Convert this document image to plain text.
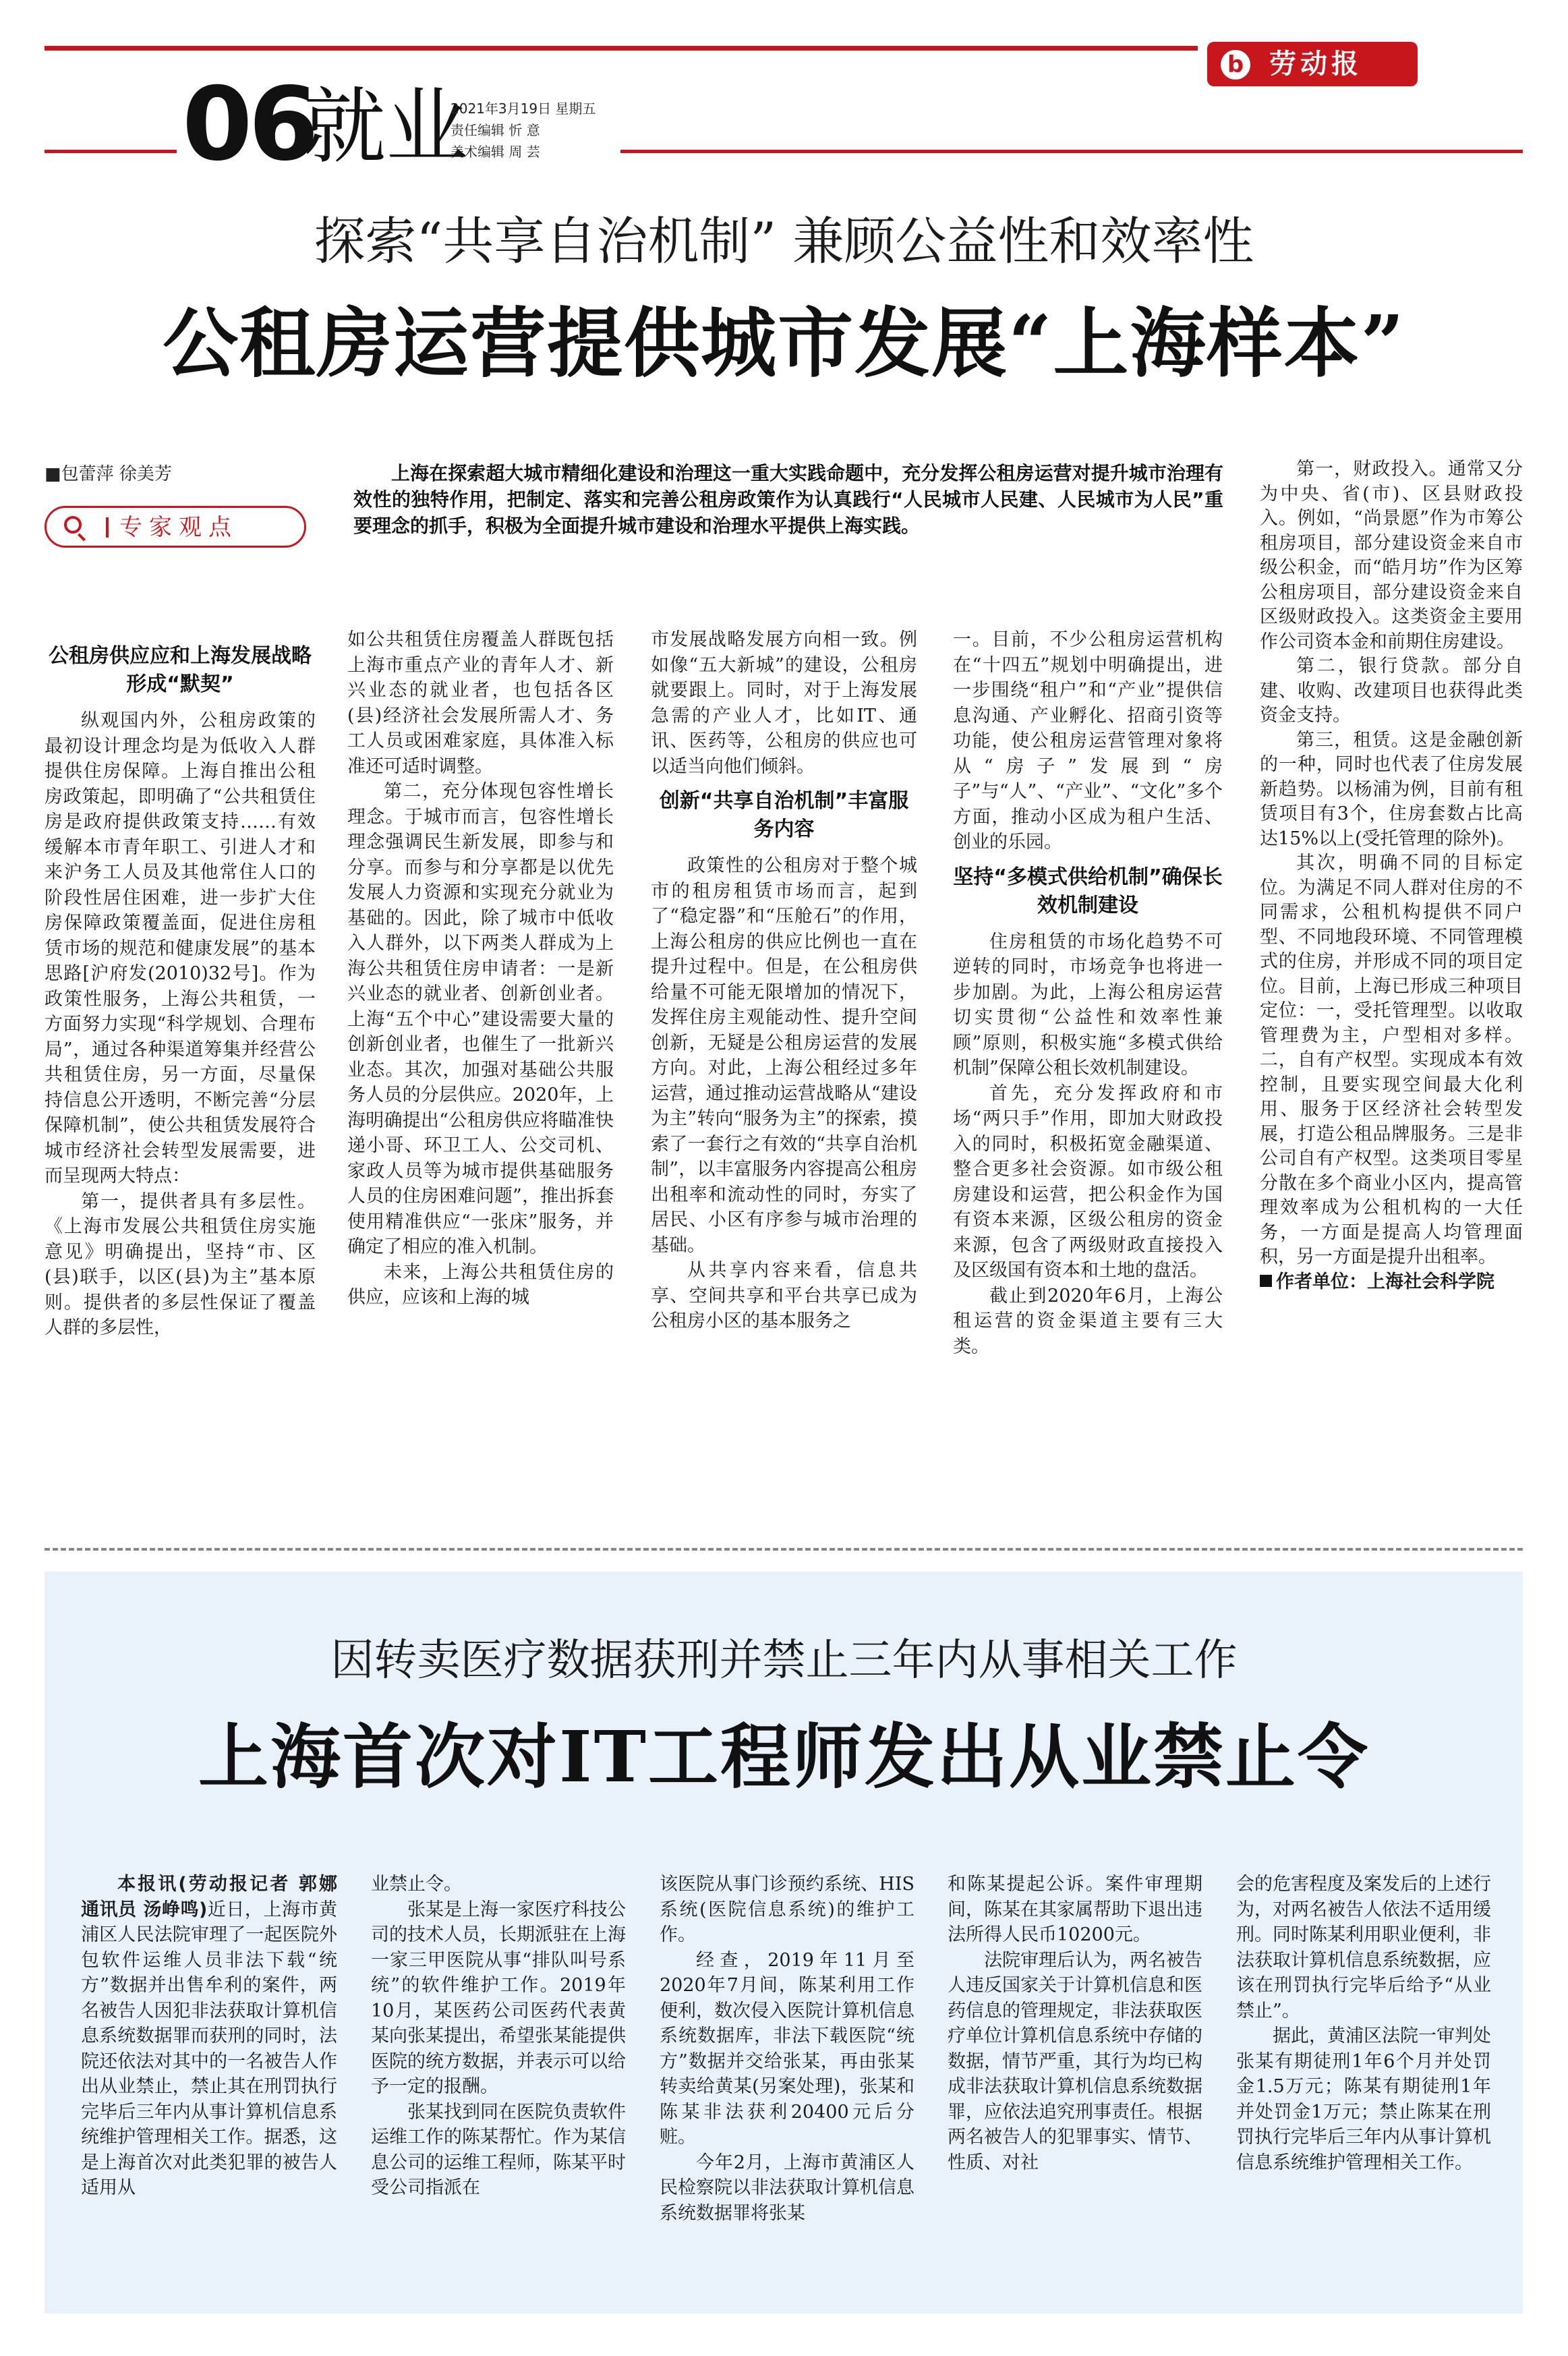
b 劳动报
06
就业
2021年3月19日 星期五
责任编辑 忻 意
美术编辑 周 芸
探索“共享自治机制” 兼顾公益性和效率性
公租房运营提供城市发展“上海样本”
■包蕾萍 徐美芳
专家观点

上海在探索超大城市精细化建设和治理这一重大实践命题中，充分发挥公租房运营对提升城市治理有效性的独特作用，把制定、落实和完善公租房政策作为认真践行“人民城市人民建、人民城市为人民”重要理念的抓手，积极为全面提升城市建设和治理水平提供上海实践。

公租房供应应和上海发展战略形成“默契”

纵观国内外，公租房政策的最初设计理念均是为低收入人群提供住房保障。上海自推出公租房政策起，即明确了“公共租赁住房是政府提供政策支持……有效缓解本市青年职工、引进人才和来沪务工人员及其他常住人口的阶段性居住困难，进一步扩大住房保障政策覆盖面，促进住房租赁市场的规范和健康发展”的基本思路[沪府发(2010)32号]。作为政策性服务，上海公共租赁，一方面努力实现“科学规划、合理布局”，通过各种渠道筹集并经营公共租赁住房，另一方面，尽量保持信息公开透明，不断完善“分层保障机制”，使公共租赁发展符合城市经济社会转型发展需要，进而呈现两大特点：

第一，提供者具有多层性。《上海市发展公共租赁住房实施意见》明确提出，坚持“市、区(县)联手，以区(县)为主”基本原则。提供者的多层性保证了覆盖人群的多层性，

如公共租赁住房覆盖人群既包括上海市重点产业的青年人才、新兴业态的就业者，也包括各区(县)经济社会发展所需人才、务工人员或困难家庭，具体准入标准还可适时调整。

第二，充分体现包容性增长理念。于城市而言，包容性增长理念强调民生新发展，即参与和分享。而参与和分享都是以优先发展人力资源和实现充分就业为基础的。因此，除了城市中低收入人群外，以下两类人群成为上海公共租赁住房申请者：一是新兴业态的就业者、创新创业者。上海“五个中心”建设需要大量的创新创业者，也催生了一批新兴业态。其次，加强对基础公共服务人员的分层供应。2020年，上海明确提出“公租房供应将瞄准快递小哥、环卫工人、公交司机、家政人员等为城市提供基础服务人员的住房困难问题”，推出拆套使用精准供应“一张床”服务，并确定了相应的准入机制。

未来，上海公共租赁住房的供应，应该和上海的城

市发展战略发展方向相一致。例如像“五大新城”的建设，公租房就要跟上。同时，对于上海发展急需的产业人才，比如IT、通讯、医药等，公租房的供应也可以适当向他们倾斜。

创新“共享自治机制”丰富服务内容

政策性的公租房对于整个城市的租房租赁市场而言，起到了“稳定器”和“压舱石”的作用，上海公租房的供应比例也一直在提升过程中。但是，在公租房供给量不可能无限增加的情况下，发挥住房主观能动性、提升空间创新，无疑是公租房运营的发展方向。对此，上海公租经过多年运营，通过推动运营战略从“建设为主”转向“服务为主”的探索，摸索了一套行之有效的“共享自治机制”，以丰富服务内容提高公租房出租率和流动性的同时，夯实了居民、小区有序参与城市治理的基础。

从共享内容来看，信息共享、空间共享和平台共享已成为公租房小区的基本服务之

一。目前，不少公租房运营机构在“十四五”规划中明确提出，进一步围绕“租户”和“产业”提供信息沟通、产业孵化、招商引资等功能，使公租房运营管理对象将从“房子”发展到“房子”与“人”、“产业”、“文化”多个方面，推动小区成为租户生活、创业的乐园。

坚持“多模式供给机制”确保长效机制建设

住房租赁的市场化趋势不可逆转的同时，市场竞争也将进一步加剧。为此，上海公租房运营切实贯彻“公益性和效率性兼顾”原则，积极实施“多模式供给机制”保障公租长效机制建设。

首先，充分发挥政府和市场“两只手”作用，即加大财政投入的同时，积极拓宽金融渠道、整合更多社会资源。如市级公租房建设和运营，把公积金作为国有资本来源，区级公租房的资金来源，包含了两级财政直接投入及区级国有资本和土地的盘活。

截止到2020年6月，上海公租运营的资金渠道主要有三大类。

第一，财政投入。通常又分为中央、省(市)、区县财政投入。例如，“尚景愿”作为市筹公租房项目，部分建设资金来自市级公积金，而“皓月坊”作为区筹公租房项目，部分建设资金来自区级财政投入。这类资金主要用作公司资本金和前期住房建设。

第二，银行贷款。部分自建、收购、改建项目也获得此类资金支持。

第三，租赁。这是金融创新的一种，同时也代表了住房发展新趋势。以杨浦为例，目前有租赁项目有3个，住房套数占比高达15%以上(受托管理的除外)。

其次，明确不同的目标定位。为满足不同人群对住房的不同需求，公租机构提供不同户型、不同地段环境、不同管理模式的住房，并形成不同的项目定位。目前，上海已形成三种项目定位：一，受托管理型。以收取管理费为主，户型相对多样。二，自有产权型。实现成本有效控制，且要实现空间最大化利用、服务于区经济社会转型发展，打造公租品牌服务。三是非公司自有产权型。这类项目零星分散在多个商业小区内，提高管理效率成为公租机构的一大任务，一方面是提高人均管理面积，另一方面是提升出租率。

作者单位：上海社会科学院

因转卖医疗数据获刑并禁止三年内从事相关工作
上海首次对IT工程师发出从业禁止令

本报讯(劳动报记者 郭娜 通讯员 汤峥鸣)近日，上海市黄浦区人民法院审理了一起医院外包软件运维人员非法下载“统方”数据并出售牟利的案件，两名被告人因犯非法获取计算机信息系统数据罪而获刑的同时，法院还依法对其中的一名被告人作出从业禁止，禁止其在刑罚执行完毕后三年内从事计算机信息系统维护管理相关工作。据悉，这是上海首次对此类犯罪的被告人适用从

业禁止令。

张某是上海一家医疗科技公司的技术人员，长期派驻在上海一家三甲医院从事“排队叫号系统”的软件维护工作。2019年10月，某医药公司医药代表黄某向张某提出，希望张某能提供医院的统方数据，并表示可以给予一定的报酬。

张某找到同在医院负责软件运维工作的陈某帮忙。作为某信息公司的运维工程师，陈某平时受公司指派在

该医院从事门诊预约系统、HIS系统(医院信息系统)的维护工作。

经查，2019年11月至2020年7月间，陈某利用工作便利，数次侵入医院计算机信息系统数据库，非法下载医院“统方”数据并交给张某，再由张某转卖给黄某(另案处理)，张某和陈某非法获利20400元后分赃。

今年2月，上海市黄浦区人民检察院以非法获取计算机信息系统数据罪将张某

和陈某提起公诉。案件审理期间，陈某在其家属帮助下退出违法所得人民币10200元。

法院审理后认为，两名被告人违反国家关于计算机信息和医药信息的管理规定，非法获取医疗单位计算机信息系统中存储的数据，情节严重，其行为均已构成非法获取计算机信息系统数据罪，应依法追究刑事责任。根据两名被告人的犯罪事实、情节、性质、对社

会的危害程度及案发后的上述行为，对两名被告人依法不适用缓刑。同时陈某利用职业便利，非法获取计算机信息系统数据，应该在刑罚执行完毕后给予“从业禁止”。

据此，黄浦区法院一审判处张某有期徒刑1年6个月并处罚金1.5万元；陈某有期徒刑1年并处罚金1万元；禁止陈某在刑罚执行完毕后三年内从事计算机信息系统维护管理相关工作。
